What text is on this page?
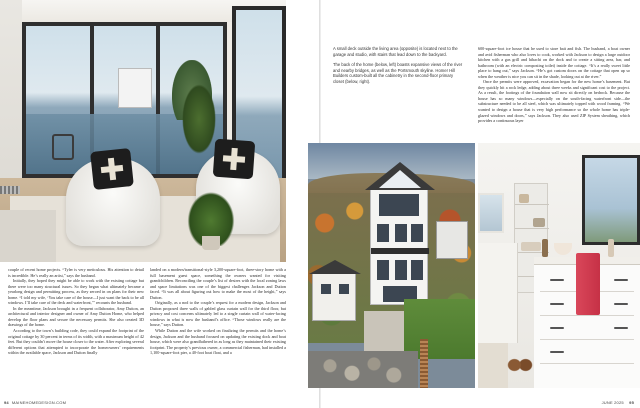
couple of recent home projects. “Tyler is very meticulous. His attention to detail is incredible. He’s really an artist,” says the husband.

Initially, they hoped they might be able to work with the existing cottage but there were too many structural issues. So they began what ultimately became a yearlong design and permitting process, as they zeroed in on plans for their new home. “I told my wife, ‘You take care of the house—I just want the back to be all windows. I’ll take care of the deck and waterfront,’” recounts the husband.

In the meantime, Jackson brought in a frequent collaborator, Amy Dutton, an architectural and interior designer and owner of Amy Dutton Home, who helped develop the floor plans and secure the necessary permits. She also created 3D drawings of the home.

According to the town’s building code, they could expand the footprint of the original cottage by 30 percent in terms of its width, with a maximum height of 42 feet. But they couldn’t move the house closer to the water. After exploring several different options that attempted to incorporate the homeowners’ requirements within the available space, Jackson and Dutton finally

landed on a modern/transitional-style 3,200-square-foot, three-story home with a full basement guest space, something the owners wanted for visiting grandchildren. Reconciling the couple’s list of desires with the local zoning laws and space limitations was one of the biggest challenges Jackson and Dutton faced. “It was all about figuring out how to make the most of the height,” says Dutton.

Originally, as a nod to the couple’s request for a modern design, Jackson and Dutton proposed three walls of gabled glass curtain wall for the third floor, but privacy and cost concerns ultimately led to a single curtain wall of water-facing windows in what is now the husband’s office. “Those windows really are the house,” says Dutton.

While Dutton and the wife worked on finalizing the permits and the home’s design, Jackson and the husband focused on updating the existing dock and boat house, which were also grandfathered in as long as they maintained their existing footprint. The property’s previous owner, a commercial fisherman, had installed a 1,100-square-foot pier, a 40-foot boat float, and a

94 MAINEHOMEDESIGN.COM

A small deck outside the living area (opposite) is located next to the garage and studio, with stairs that lead down to the backyard.

The back of the home (below, left) boasts expansive views of the river and nearby bridges, as well as the Portsmouth skyline. Homer Hill Builders custom-built all the cabinetry in the second-floor primary closet (below, right).

600-square-foot ice house that he used to store bait and fish. The husband, a boat owner and avid fisherman who also loves to cook, worked with Jackson to design a large outdoor kitchen with a gas grill and hibachi on the dock and to create a sitting area, bar, and bathroom (with an electric composting toilet) inside the cottage. “It’s a really sweet little place to hang out,” says Jackson. “He’s got custom doors on the cottage that open up so when the weather is nice you can sit in the shade, looking out at the river.”

Once the permits were approved, excavation began for the new home’s basement. But they quickly hit a rock ledge, adding about three weeks and significant cost to the project. As a result, the footings of the foundation wall now sit directly on bedrock. Because the house has so many windows—especially on the south-facing waterfront side—the substructure needed to be all steel, which was ultimately topped with wood framing. “We wanted to design a house that is very high performance so the whole home has triple-glazed windows and doors,” says Jackson. They also used ZIP System sheathing, which provides a continuous layer

JUNE 2025 95
